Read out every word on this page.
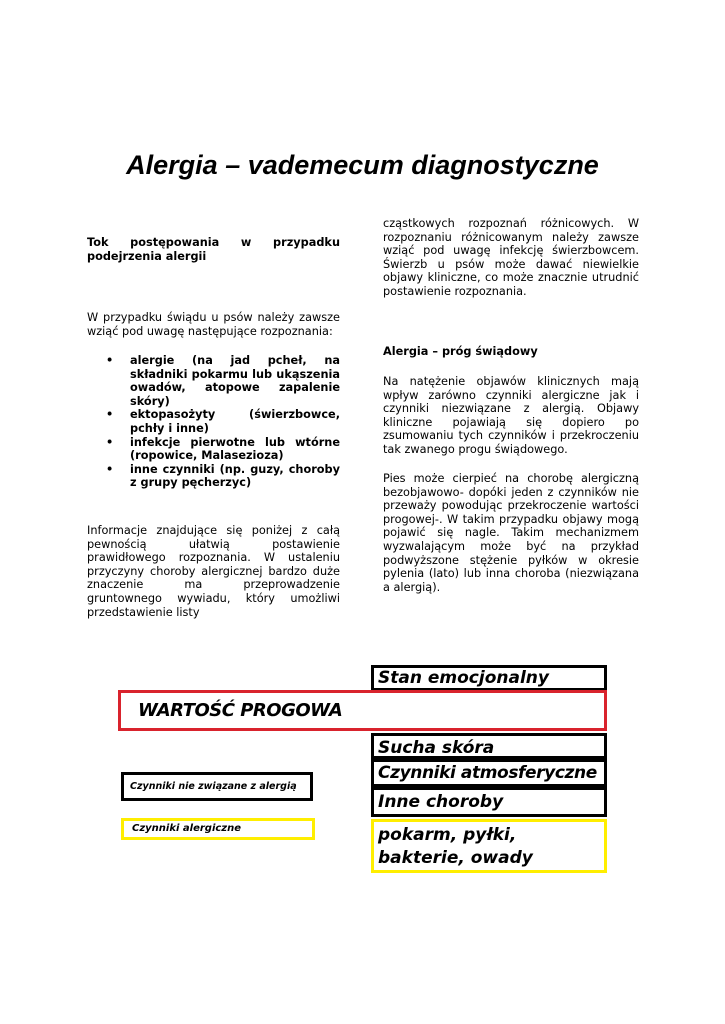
Alergia – vademecum diagnostyczne
Tok postępowania w przypadku podejrzenia alergii

W przypadku świądu u psów należy zawsze wziąć pod uwagę następujące rozpoznania:

• alergie (na jad pcheł, na składniki pokarmu lub ukąszenia owadów, atopowe zapalenie skóry)
• ektopasożyty (świerzbowce, pchły i inne)
• infekcje pierwotne lub wtórne (ropowice, Malasezioza)
• inne czynniki (np. guzy, choroby z grupy pęcherzyc)

Informacje znajdujące się poniżej z całą pewnością ułatwią postawienie prawidłowego rozpoznania. W ustaleniu przyczyny choroby alergicznej bardzo duże znaczenie ma przeprowadzenie gruntownego wywiadu, który umożliwi przedstawienie listy

cząstkowych rozpoznań różnicowych. W rozpoznaniu różnicowanym należy zawsze wziąć pod uwagę infekcję świerzbowcem. Świerzb u psów może dawać niewielkie objawy kliniczne, co może znacznie utrudnić postawienie rozpoznania.

Alergia – próg świądowy

Na natężenie objawów klinicznych mają wpływ zarówno czynniki alergiczne jak i czynniki niezwiązane z alergią. Objawy kliniczne pojawiają się dopiero po zsumowaniu tych czynników i przekroczeniu tak zwanego progu świądowego.

Pies może cierpieć na chorobę alergiczną bezobjawowo- dopóki jeden z czynników nie przeważy powodując przekroczenie wartości progowej-. W takim przypadku objawy mogą pojawić się nagle. Takim mechanizmem wyzwalającym może być na przykład podwyższone stężenie pyłków w okresie pylenia (lato) lub inna choroba (niezwiązana a alergią).

Stan emocjonalny
WARTOŚĆ PROGOWA
Sucha skóra
Czynniki atmosferyczne
Inne choroby
pokarm, pyłki, bakterie, owady
Czynniki nie związane z alergią
Czynniki alergiczne
